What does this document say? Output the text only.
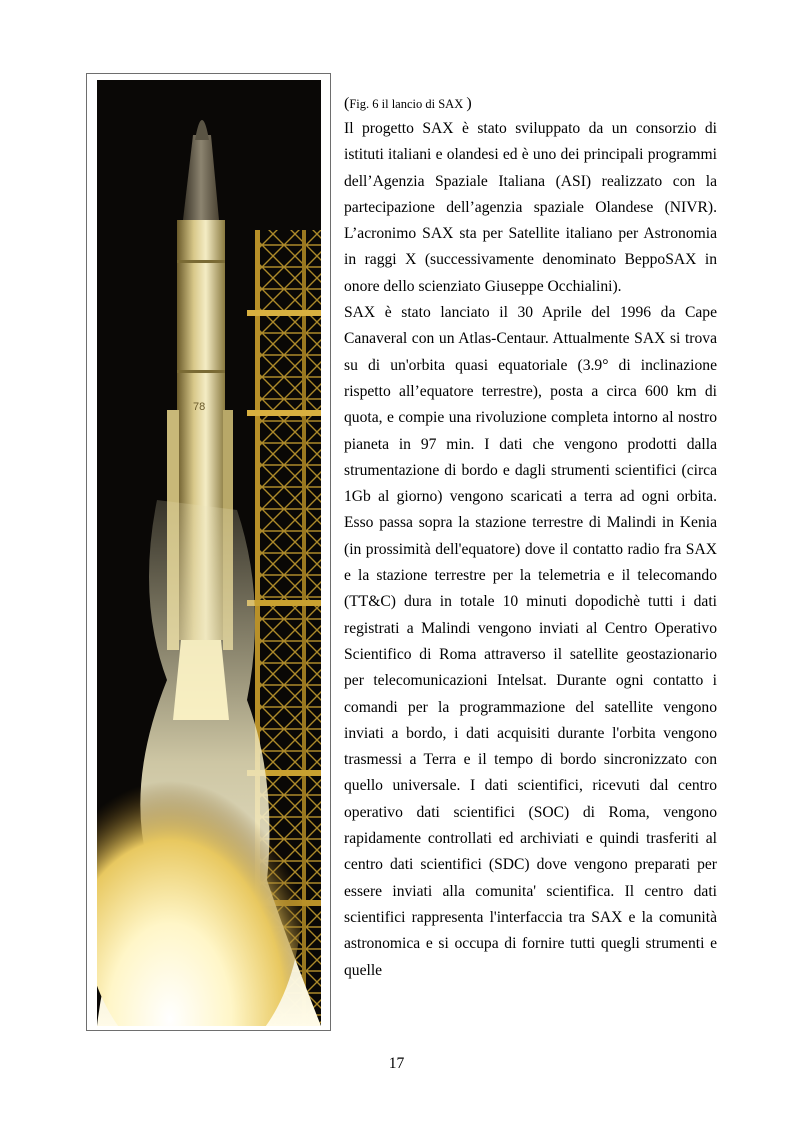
78

(Fig. 6 il lancio di SAX )

Il progetto SAX è stato sviluppato da un consorzio di istituti italiani e olandesi ed è uno dei principali programmi dell’Agenzia Spaziale Italiana (ASI) realizzato con la partecipazione dell’agenzia spaziale Olandese (NIVR). L’acronimo SAX sta per Satellite italiano per Astronomia in raggi X (successivamente denominato BeppoSAX in onore dello scienziato Giuseppe Occhialini).

SAX è stato lanciato il 30 Aprile del 1996 da Cape Canaveral con un Atlas-Centaur. Attualmente SAX si trova su di un'orbita quasi equatoriale (3.9° di inclinazione rispetto all’equatore terrestre), posta a circa 600 km di quota, e compie una rivoluzione completa intorno al nostro pianeta in 97 min. I dati che vengono prodotti dalla strumentazione di bordo e dagli strumenti scientifici (circa 1Gb al giorno) vengono scaricati a terra ad ogni orbita. Esso passa sopra la stazione terrestre di Malindi in Kenia (in prossimità dell'equatore) dove il contatto radio fra SAX e la stazione terrestre per la telemetria e il telecomando (TT&C) dura in totale 10 minuti dopodichè tutti i dati registrati a Malindi vengono inviati al Centro Operativo Scientifico di Roma attraverso il satellite geostazionario per telecomunicazioni Intelsat. Durante ogni contatto i comandi per la programmazione del satellite vengono inviati a bordo, i dati acquisiti durante l'orbita vengono trasmessi a Terra e il tempo di bordo sincronizzato con quello universale. I dati scientifici, ricevuti dal centro operativo dati scientifici (SOC) di Roma, vengono rapidamente controllati ed archiviati e quindi trasferiti al centro dati scientifici (SDC) dove vengono preparati per essere inviati alla comunita' scientifica. Il centro dati scientifici rappresenta l'interfaccia tra SAX e la comunità astronomica e si occupa di fornire tutti quegli strumenti e quelle

17
